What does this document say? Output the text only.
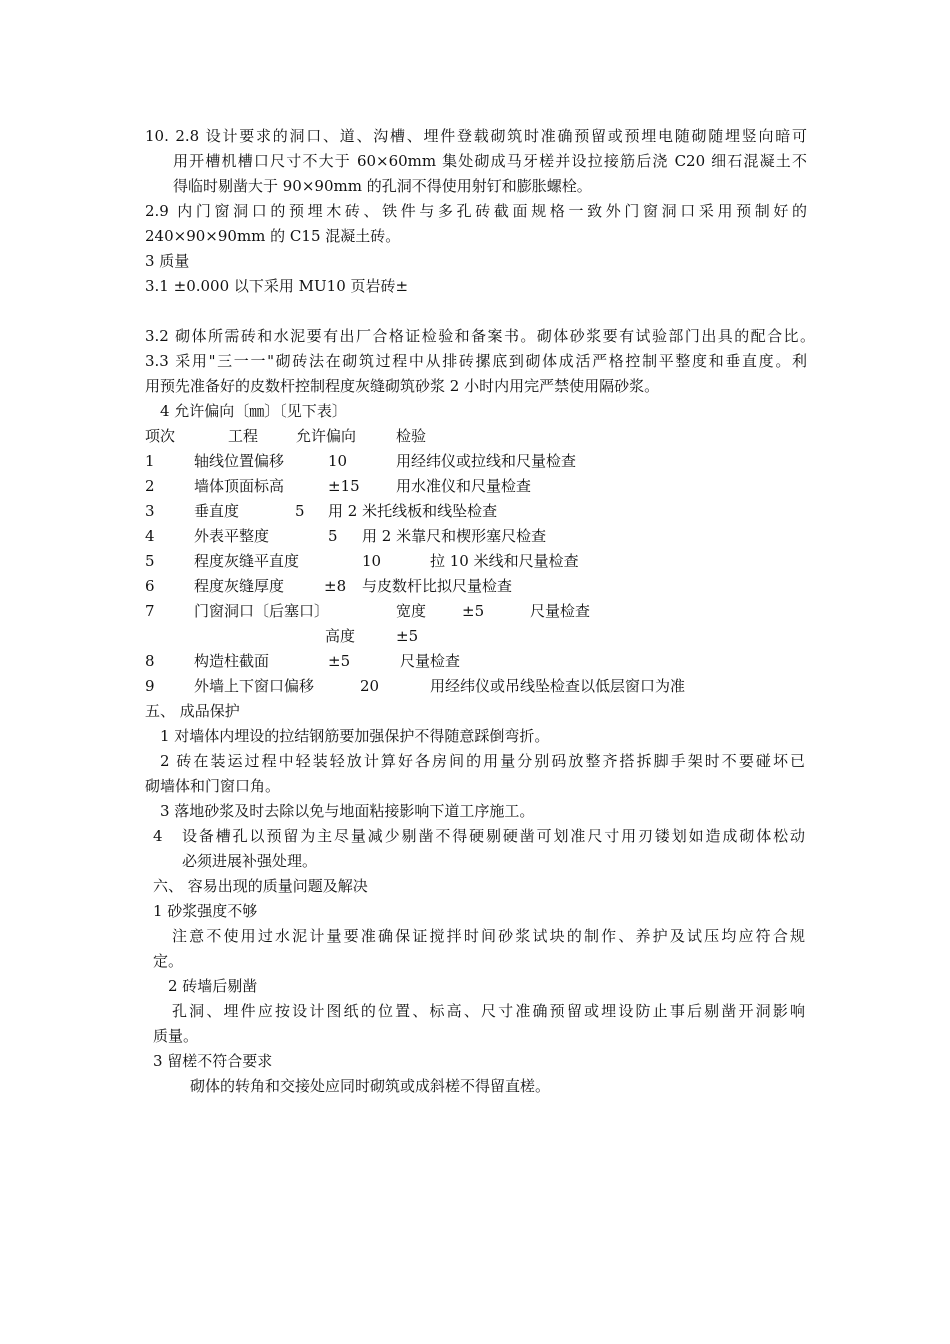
10. 2.8 设计要求的洞口、道、沟槽、埋件登载砌筑时准确预留或预埋电随砌随埋竖向暗可
用开槽机槽口尺寸不大于 60×60mm 集处砌成马牙槎并设拉接筋后浇 C20 细石混凝土不
得临时剔凿大于 90×90mm 的孔洞不得使用射钉和膨胀螺栓。
2.9 内门窗洞口的预埋木砖、铁件与多孔砖截面规格一致外门窗洞口采用预制好的
240×90×90mm 的 C15 混凝土砖。
3 质量
3.1 ±0.000 以下采用 MU10 页岩砖±
3.2 砌体所需砖和水泥要有出厂合格证检验和备案书。砌体砂浆要有试验部门出具的配合比。
3.3 采用"三一一"砌砖法在砌筑过程中从排砖摞底到砌体成活严格控制平整度和垂直度。利
用预先准备好的皮数杆控制程度灰缝砌筑砂浆 2 小时内用完严禁使用隔砂浆。
4 允许偏向〔㎜〕〔见下表〕
项次	工程	允许偏向	检验
1	轴线位置偏移	10	用经纬仪或拉线和尺量检查
2	墙体顶面标高	±15 用水准仪和尺量检查
3	垂直度	5 用 2 米托线板和线坠检查
4	外表平整度	5 用 2 米靠尺和楔形塞尺检查
5	程度灰缝平直度	10	拉 10 米线和尺量检查
6	程度灰缝厚度	±8 与皮数杆比拟尺量检查
7	门窗洞口〔后塞口〕	宽度 ±5	尺量检查
高度	±5
8	构造柱截面	±5	尺量检查
9	外墙上下窗口偏移	20	用经纬仪或吊线坠检查以低层窗口为准
五、 成品保护
1 对墙体内埋设的拉结钢筋要加强保护不得随意踩倒弯折。
2 砖在装运过程中轻装轻放计算好各房间的用量分别码放整齐搭拆脚手架时不要碰坏已
砌墙体和门窗口角。
3 落地砂浆及时去除以免与地面粘接影响下道工序施工。
4 设备槽孔以预留为主尽量减少剔凿不得硬剔硬凿可划准尺寸用刃镂划如造成砌体松动
必须进展补强处理。
六、 容易出现的质量问题及解决
1 砂浆强度不够
注意不使用过水泥计量要准确保证搅拌时间砂浆试块的制作、养护及试压均应符合规
定。
2 砖墙后剔凿
孔洞、埋件应按设计图纸的位置、标高、尺寸准确预留或埋设防止事后剔凿开洞影响
质量。
3 留槎不符合要求
砌体的转角和交接处应同时砌筑或成斜槎不得留直槎。
